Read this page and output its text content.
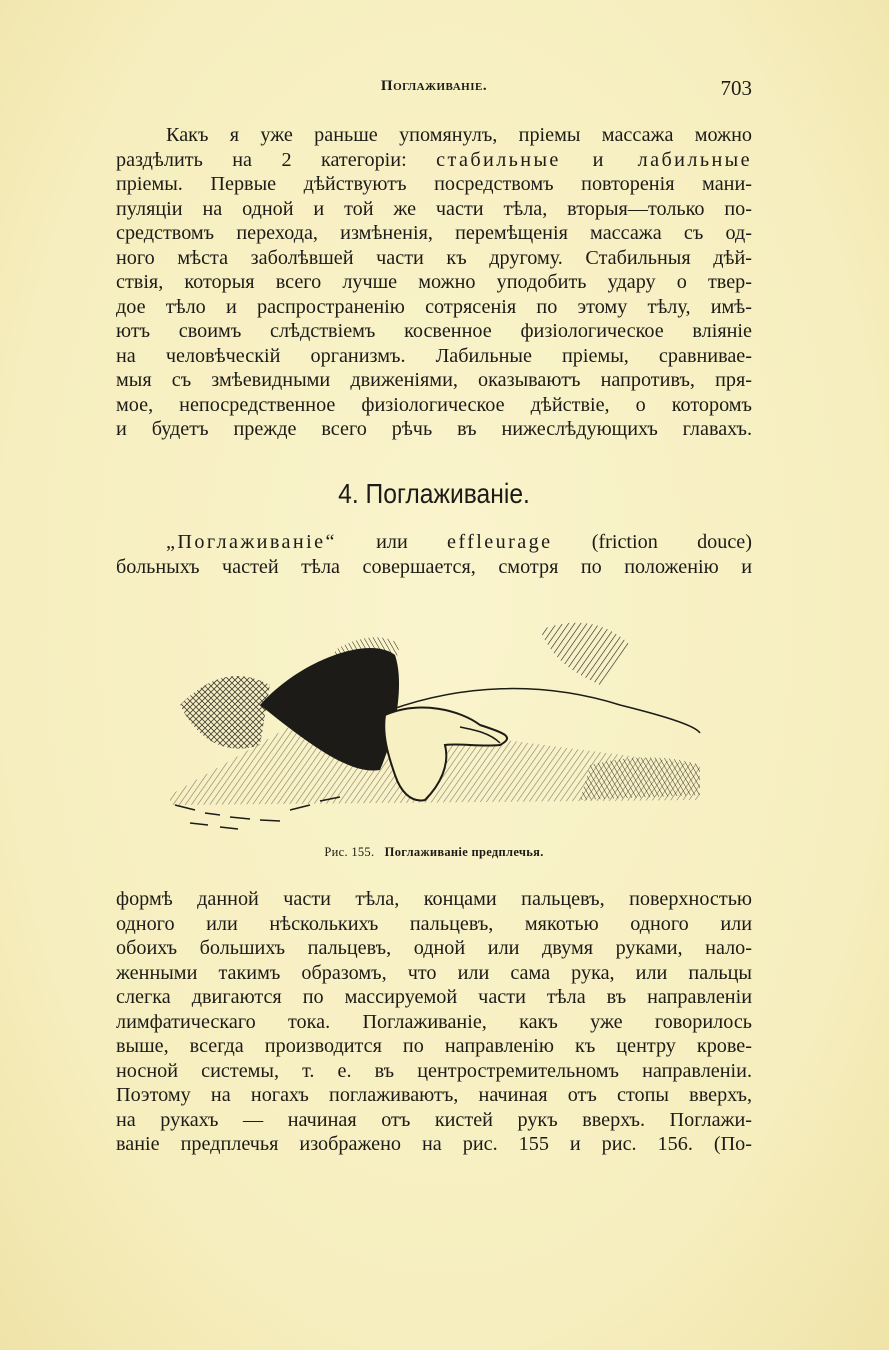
Поглаживаніе.	703
Какъ я уже раньше упомянулъ, пріемы массажа можно
раздѣлить на 2 категоріи: стабильные и лабильные
пріемы. Первые дѣйствуютъ посредствомъ повторенія мани-
пуляціи на одной и той же части тѣла, вторыя—только по-
средствомъ перехода, измѣненія, перемѣщенія массажа съ од-
ного мѣста заболѣвшей части къ другому. Стабильныя дѣй-
ствія, которыя всего лучше можно уподобить удару о твер-
дое тѣло и распространенію сотрясенія по этому тѣлу, имѣ-
ютъ своимъ слѣдствіемъ косвенное физіологическое вліяніе
на человѣческій организмъ. Лабильные пріемы, сравнивае-
мыя съ змѣевидными движеніями, оказываютъ напротивъ, пря-
мое, непосредственное физіологическое дѣйствіе, о которомъ
и будетъ прежде всего рѣчь въ нижеслѣдующихъ главахъ.
4. Поглаживаніе.
„Поглаживаніе“ или effleurage (friction douce)
больныхъ частей тѣла совершается, смотря по положенію и
Рис. 155. Поглаживаніе предплечья.
формѣ данной части тѣла, концами пальцевъ, поверхностью
одного или нѣсколькихъ пальцевъ, мякотью одного или
обоихъ большихъ пальцевъ, одной или двумя руками, нало-
женными такимъ образомъ, что или сама рука, или пальцы
слегка двигаются по массируемой части тѣла въ направленіи
лимфатическаго тока. Поглаживаніе, какъ уже говорилось
выше, всегда производится по направленію къ центру крове-
носной системы, т. е. въ центростремительномъ направленіи.
Поэтому на ногахъ поглаживаютъ, начиная отъ стопы вверхъ,
на рукахъ — начиная отъ кистей рукъ вверхъ. Поглажи-
ваніе предплечья изображено на рис. 155 и рис. 156. (По-
